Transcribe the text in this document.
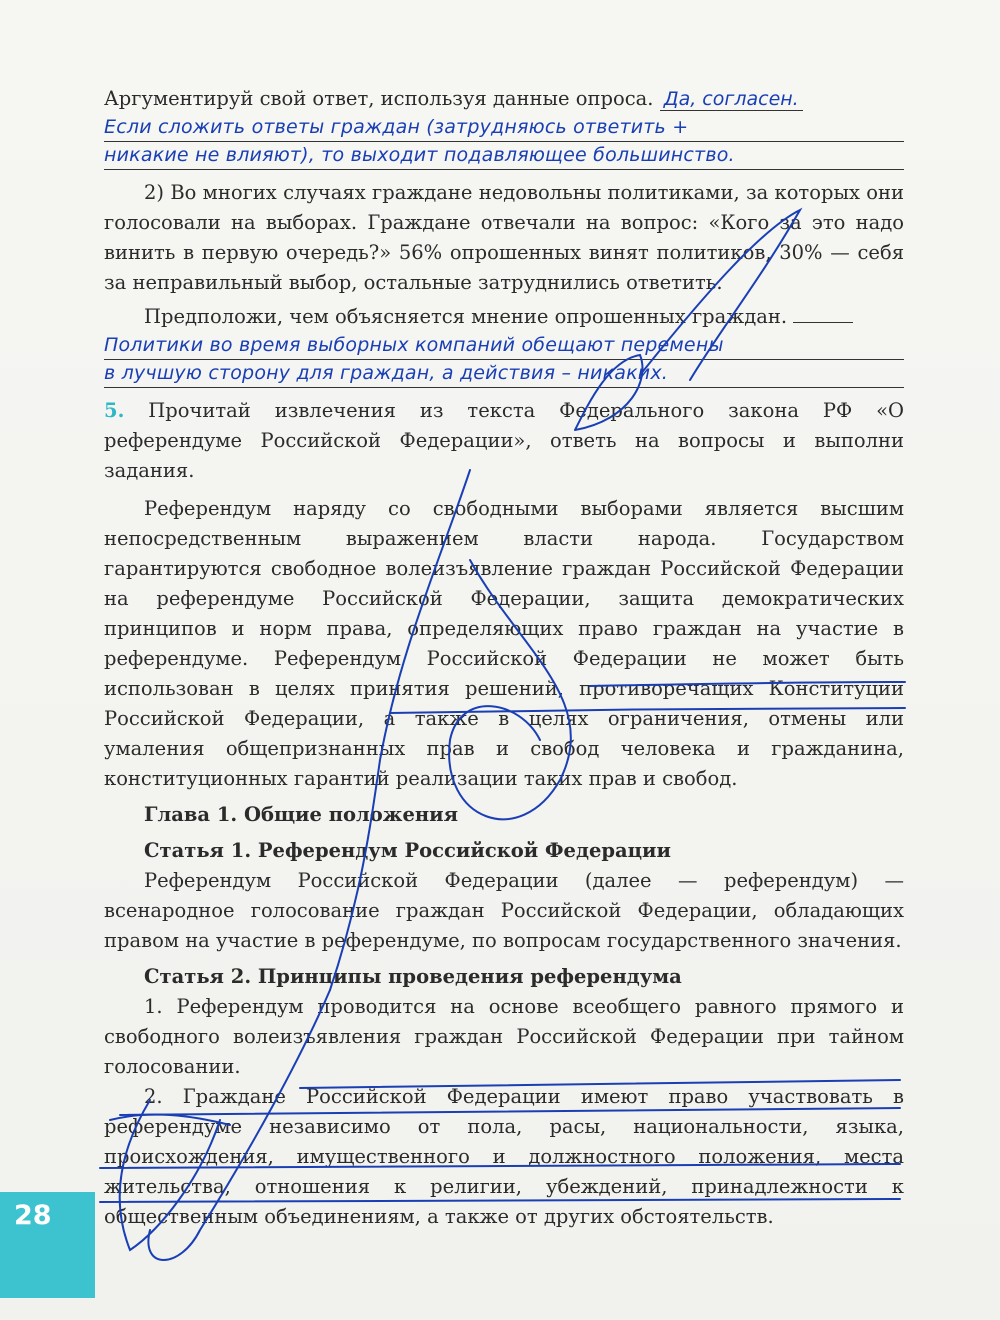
Аргументируй свой ответ, используя данные опроса. Да, согласен.

Если сложить ответы граждан (затрудняюсь ответить +
никакие не влияют), то выходит подавляющее большинство.

2) Во многих случаях граждане недовольны политиками, за которых они голосовали на выборах. Граждане отвечали на вопрос: «Кого за это надо винить в первую очередь?» 56% опрошенных винят политиков, 30% — себя за неправильный выбор, остальные затруднились ответить.

Предположи, чем объясняется мнение опрошенных граждан.

Политики во время выборных компаний обещают перемены
в лучшую сторону для граждан, а действия – никаких.

5. Прочитай извлечения из текста Федерального закона РФ «О референдуме Российской Федерации», ответь на вопросы и выполни задания.

Референдум наряду со свободными выборами является высшим непосредственным выражением власти народа. Государством гарантируются свободное волеизъявление граждан Российской Федерации на референдуме Российской Федерации, защита демократических принципов и норм права, определяющих право граждан на участие в референдуме. Референдум Российской Федерации не может быть использован в целях принятия решений, противоречащих Конституции Российской Федерации, а также в целях ограничения, отмены или умаления общепризнанных прав и свобод человека и гражданина, конституционных гарантий реализации таких прав и свобод.

Глава 1. Общие положения

Статья 1. Референдум Российской Федерации

Референдум Российской Федерации (далее — референдум) — всенародное голосование граждан Российской Федерации, обладающих правом на участие в референдуме, по вопросам государственного значения.

Статья 2. Принципы проведения референдума

1. Референдум проводится на основе всеобщего равного прямого и свободного волеизъявления граждан Российской Федерации при тайном голосовании.

2. Граждане Российской Федерации имеют право участвовать в референдуме независимо от пола, расы, национальности, языка, происхождения, имущественного и должностного положения, места жительства, отношения к религии, убеждений, принадлежности к общественным объединениям, а также от других обстоятельств.

28
